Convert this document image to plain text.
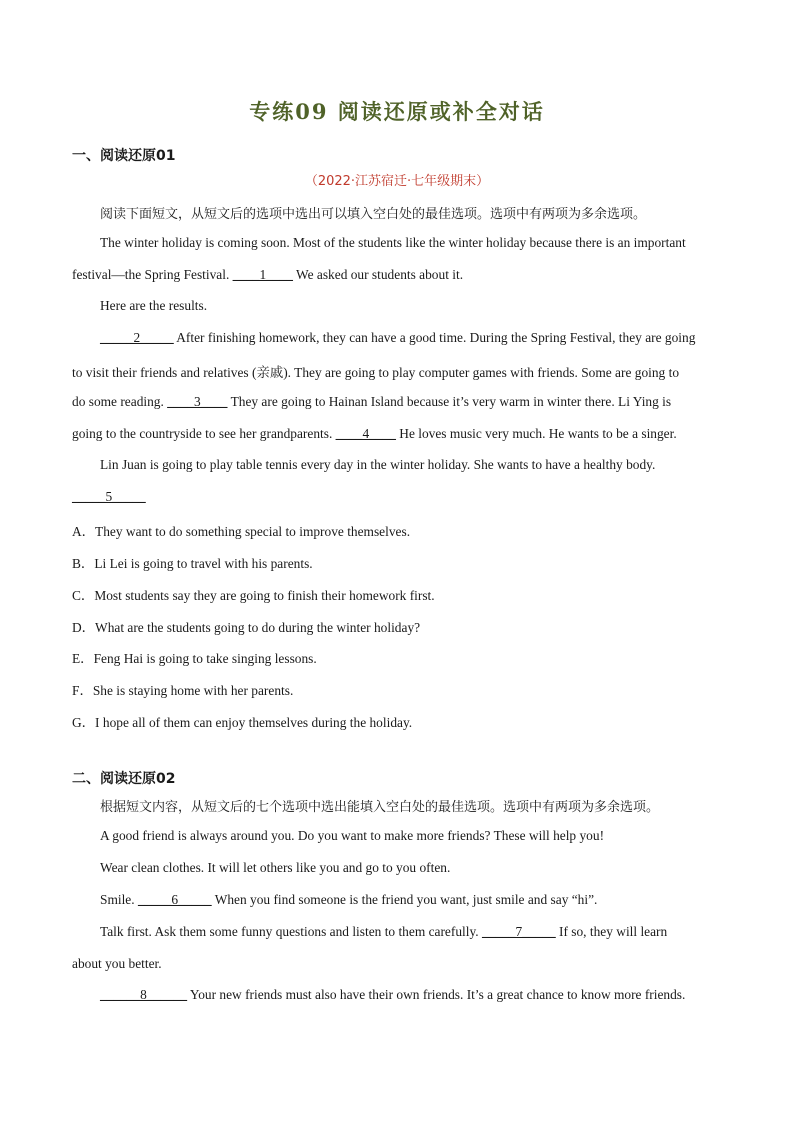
专练09 阅读还原或补全对话
一、阅读还原01
（2022·江苏宿迁·七年级期末）
阅读下面短文，从短文后的选项中选出可以填入空白处的最佳选项。选项中有两项为多余选项。
The winter holiday is coming soon. Most of the students like the winter holiday because there is an important
festival—the Spring Festival. ____1____ We asked our students about it.
Here are the results.
_____2_____ After finishing homework, they can have a good time. During the Spring Festival, they are going
to visit their friends and relatives (亲戚). They are going to play computer games with friends. Some are going to
do some reading. ____3____ They are going to Hainan Island because it’s very warm in winter there. Li Ying is
going to the countryside to see her grandparents. ____4____ He loves music very much. He wants to be a singer.
Lin Juan is going to play table tennis every day in the winter holiday. She wants to have a healthy body.
_____5_____
A．They want to do something special to improve themselves.
B．Li Lei is going to travel with his parents.
C．Most students say they are going to finish their homework first.
D．What are the students going to do during the winter holiday?
E．Feng Hai is going to take singing lessons.
F．She is staying home with her parents.
G．I hope all of them can enjoy themselves during the holiday.
二、阅读还原02
根据短文内容，从短文后的七个选项中选出能填入空白处的最佳选项。选项中有两项为多余选项。
A good friend is always around you. Do you want to make more friends? These will help you!
Wear clean clothes. It will let others like you and go to you often.
Smile. _____6_____ When you find someone is the friend you want, just smile and say “hi”.
Talk first. Ask them some funny questions and listen to them carefully. _____7_____ If so, they will learn
about you better.
______8______ Your new friends must also have their own friends. It’s a great chance to know more friends.
